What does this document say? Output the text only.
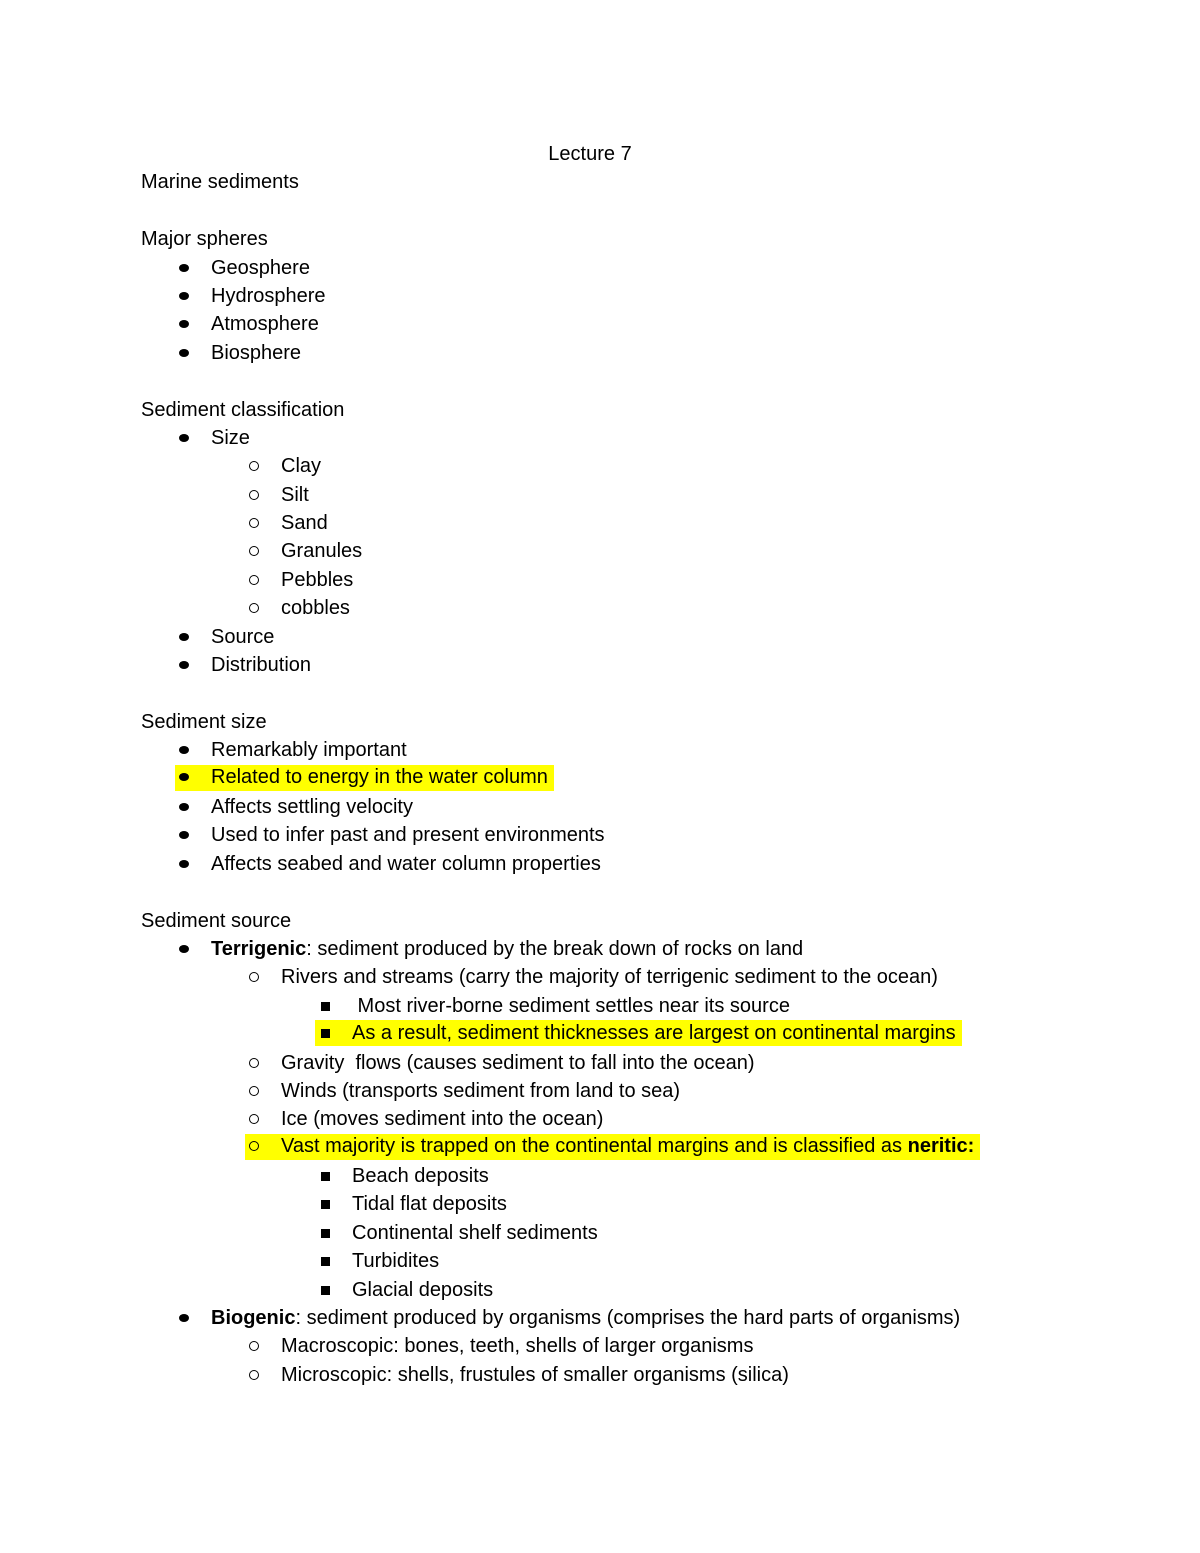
Lecture 7
Marine sediments
Major spheres
Geosphere
Hydrosphere
Atmosphere
Biosphere
Sediment classification
Size
Clay
Silt
Sand
Granules
Pebbles
cobbles
Source
Distribution
Sediment size
Remarkably important
Related to energy in the water column
Affects settling velocity
Used to infer past and present environments
Affects seabed and water column properties
Sediment source
Terrigenic : sediment produced by the break down of rocks on land
Rivers and streams (carry the majority of terrigenic sediment to the ocean)
Most river-borne sediment settles near its source
As a result, sediment thicknesses are largest on continental margins
Gravity  flows (causes sediment to fall into the ocean)
Winds (transports sediment from land to sea)
Ice (moves sediment into the ocean)
Vast majority is trapped on the continental margins and is classified as neritic:
Beach deposits
Tidal flat deposits
Continental shelf sediments
Turbidites
Glacial deposits
Biogenic : sediment produced by organisms (comprises the hard parts of organisms)
Macroscopic: bones, teeth, shells of larger organisms
Microscopic: shells, frustules of smaller organisms (silica)
